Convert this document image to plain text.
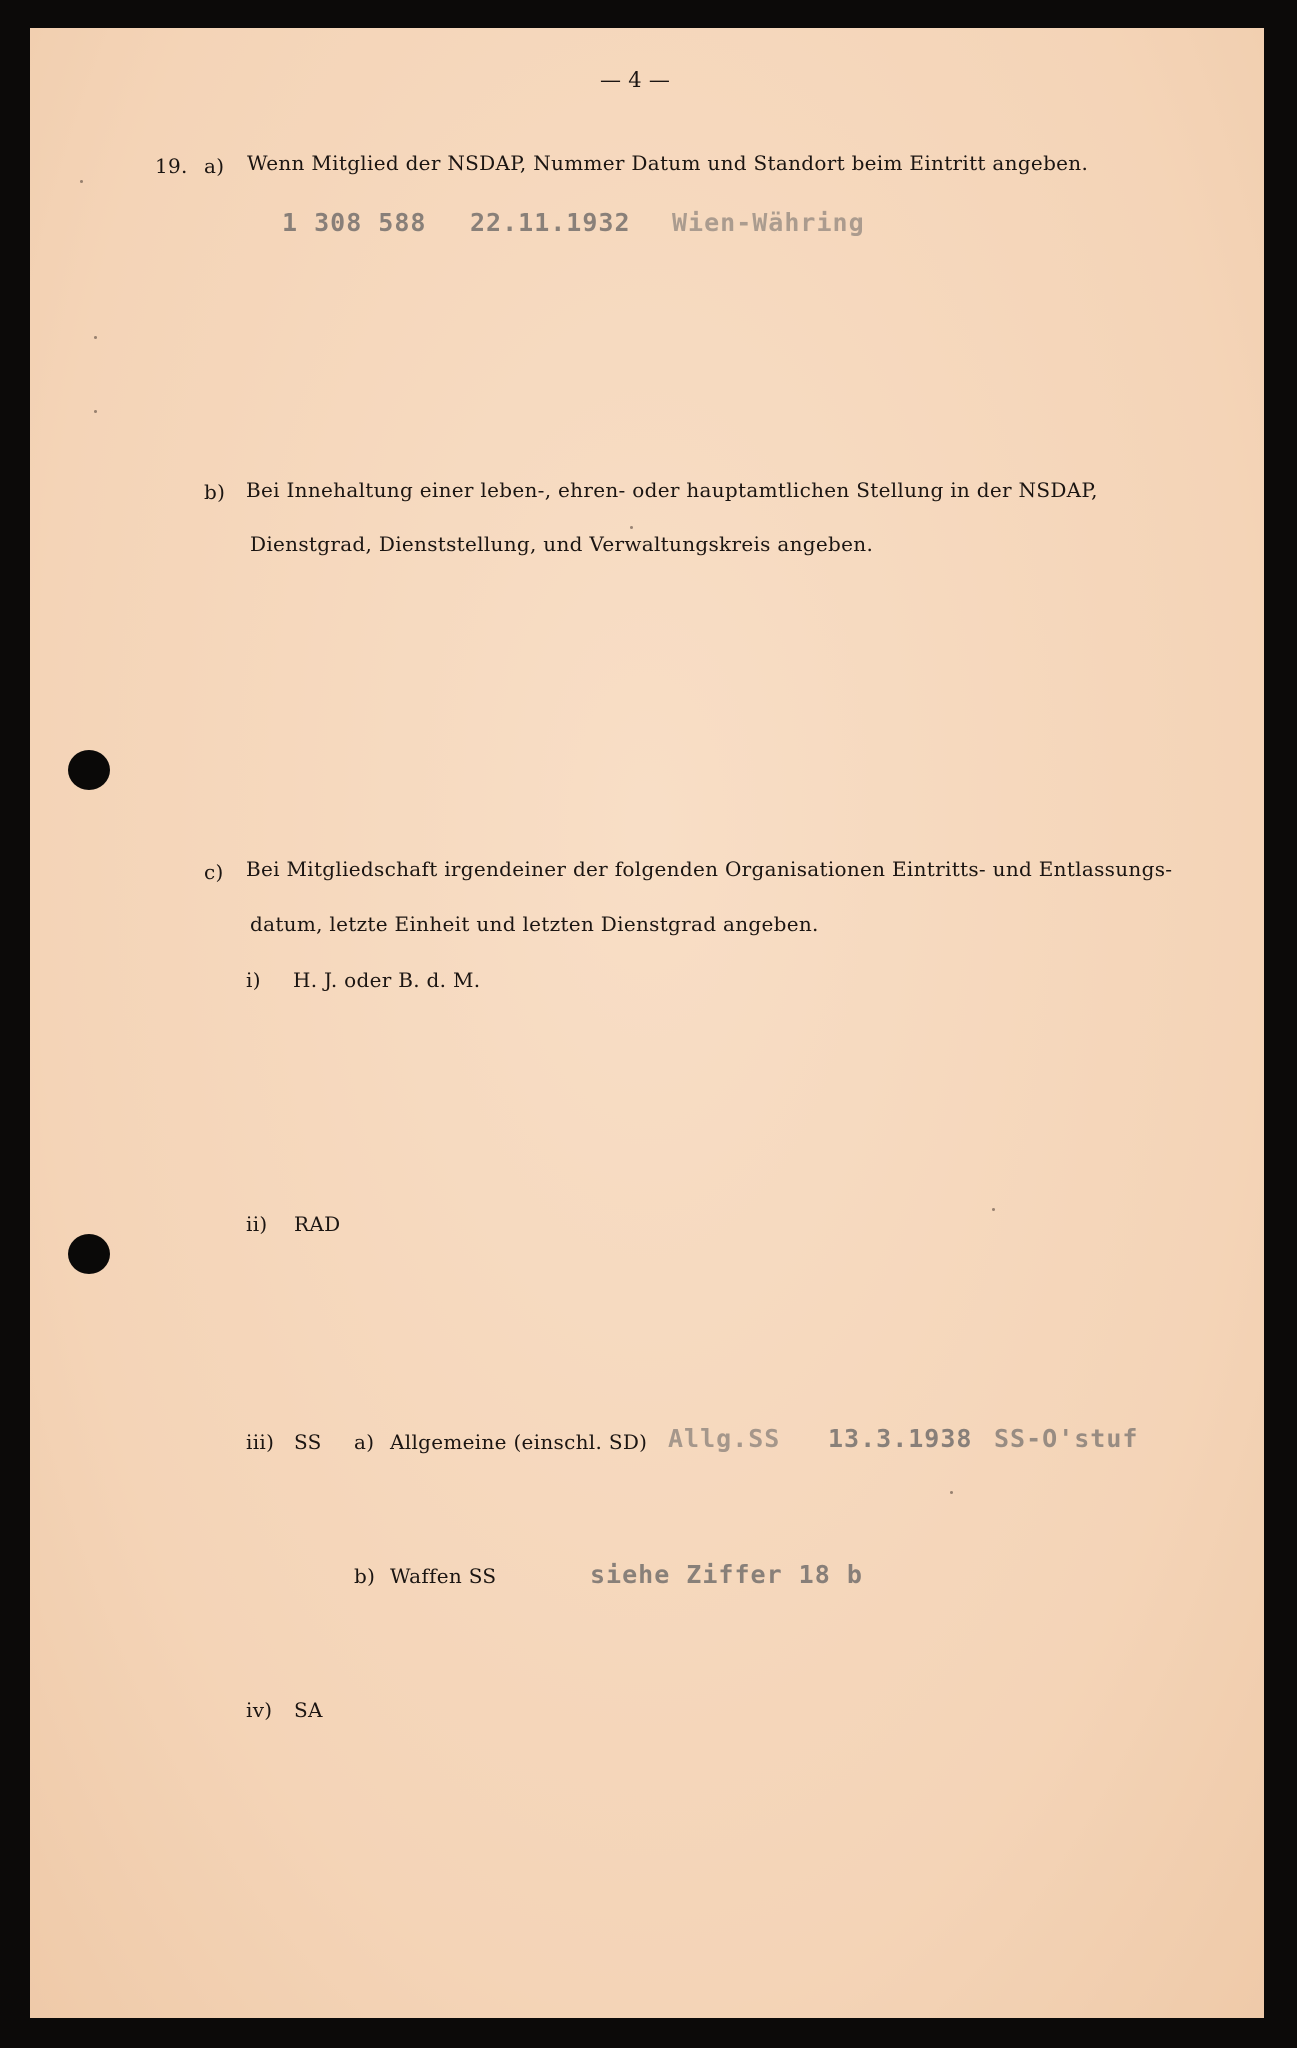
— 4 —
19. a) Wenn Mitglied der NSDAP, Nummer Datum und Standort beim Eintritt angeben.
1 308 588 22.11.1932 Wien-Währing
b) Bei Innehaltung einer leben-, ehren- oder hauptamtlichen Stellung in der NSDAP,
Dienstgrad, Dienststellung, und Verwaltungskreis angeben.
c) Bei Mitgliedschaft irgendeiner der folgenden Organisationen Eintritts- und Entlassungs-
datum, letzte Einheit und letzten Dienstgrad angeben.
i) H. J. oder B. d. M.
ii) RAD
iii) SS a) Allgemeine (einschl. SD) Allg.SS 13.3.1938 SS-O'stuf
b) Waffen SS	siehe Ziffer 18 b
iv) SA
